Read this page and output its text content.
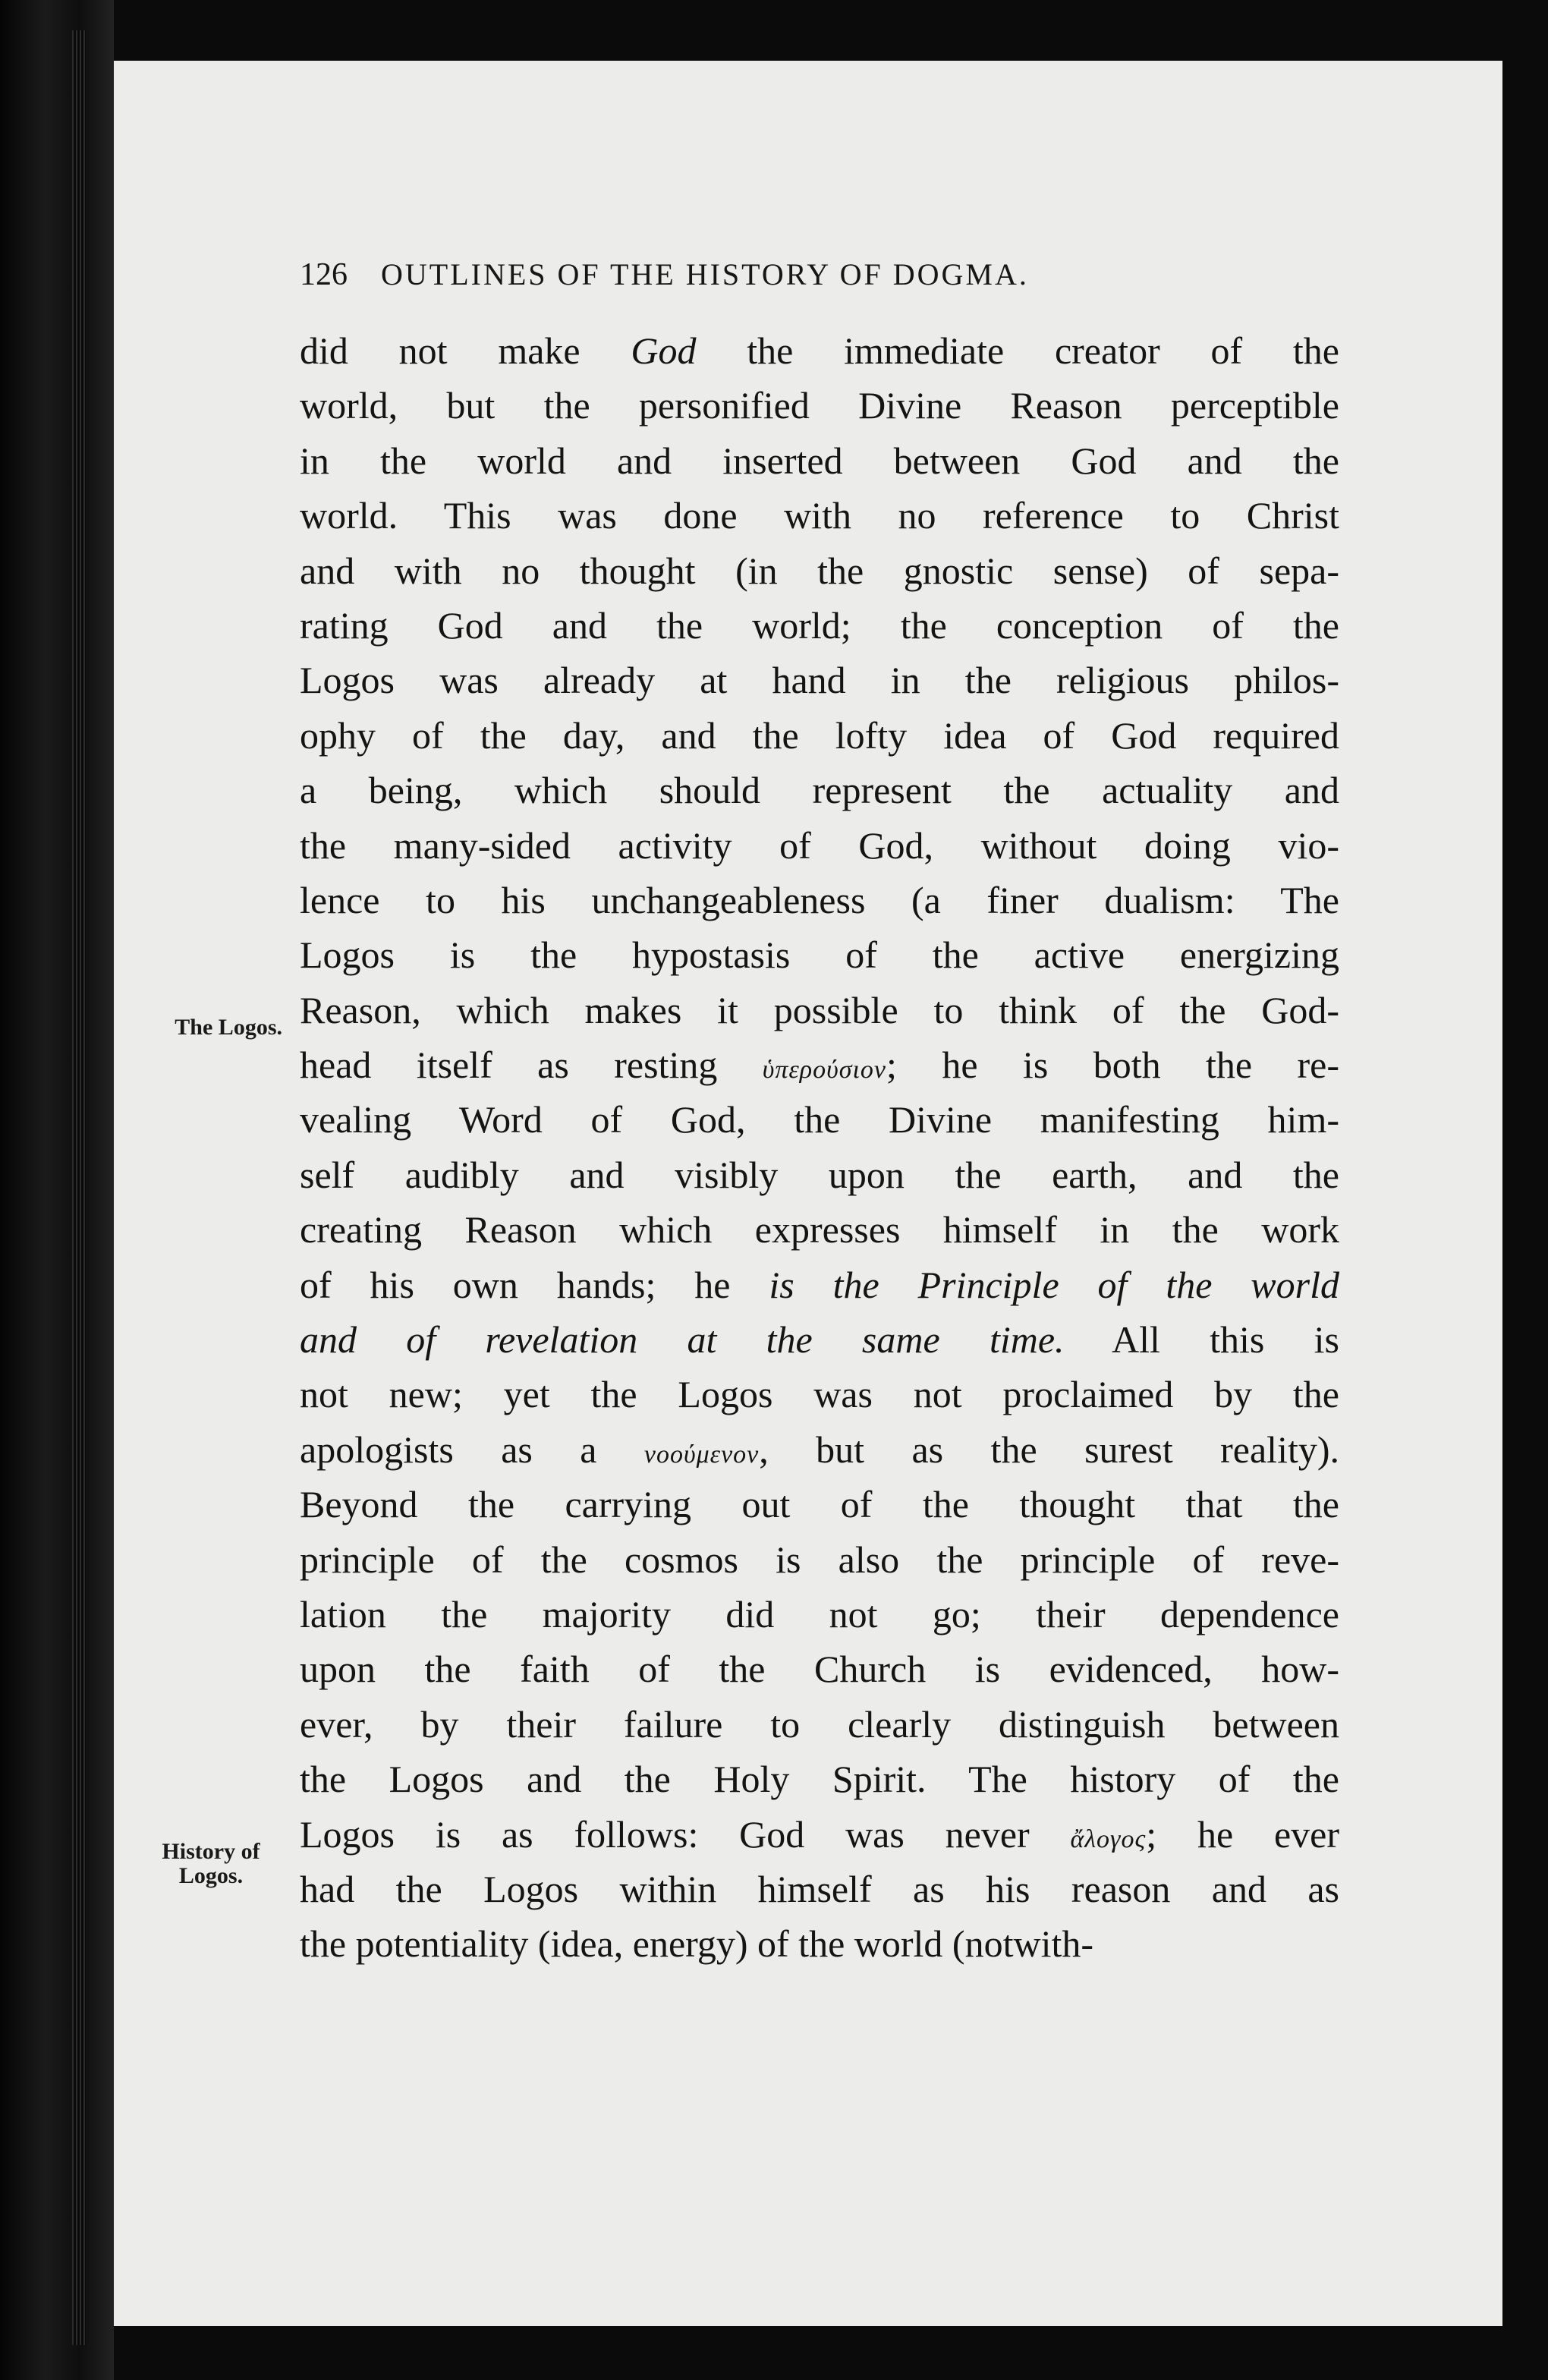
126 OUTLINES OF THE HISTORY OF DOGMA.
The Logos.
History of
Logos.
did not make God the immediate creator of the
world, but the personified Divine Reason perceptible
in the world and inserted between God and the
world. This was done with no reference to Christ
and with no thought (in the gnostic sense) of sepa-
rating God and the world; the conception of the
Logos was already at hand in the religious philos-
ophy of the day, and the lofty idea of God required
a being, which should represent the actuality and
the many-sided activity of God, without doing vio-
lence to his unchangeableness (a finer dualism: The
Logos is the hypostasis of the active energizing
Reason, which makes it possible to think of the God-
head itself as resting ὑπερούσιον; he is both the re-
vealing Word of God, the Divine manifesting him-
self audibly and visibly upon the earth, and the
creating Reason which expresses himself in the work
of his own hands; he is the Principle of the world
and of revelation at the same time. All this is
not new; yet the Logos was not proclaimed by the
apologists as a νοούμενον, but as the surest reality).
Beyond the carrying out of the thought that the
principle of the cosmos is also the principle of reve-
lation the majority did not go; their dependence
upon the faith of the Church is evidenced, how-
ever, by their failure to clearly distinguish between
the Logos and the Holy Spirit. The history of the
Logos is as follows: God was never ἄλογος; he ever
had the Logos within himself as his reason and as
the potentiality (idea, energy) of the world (notwith-
